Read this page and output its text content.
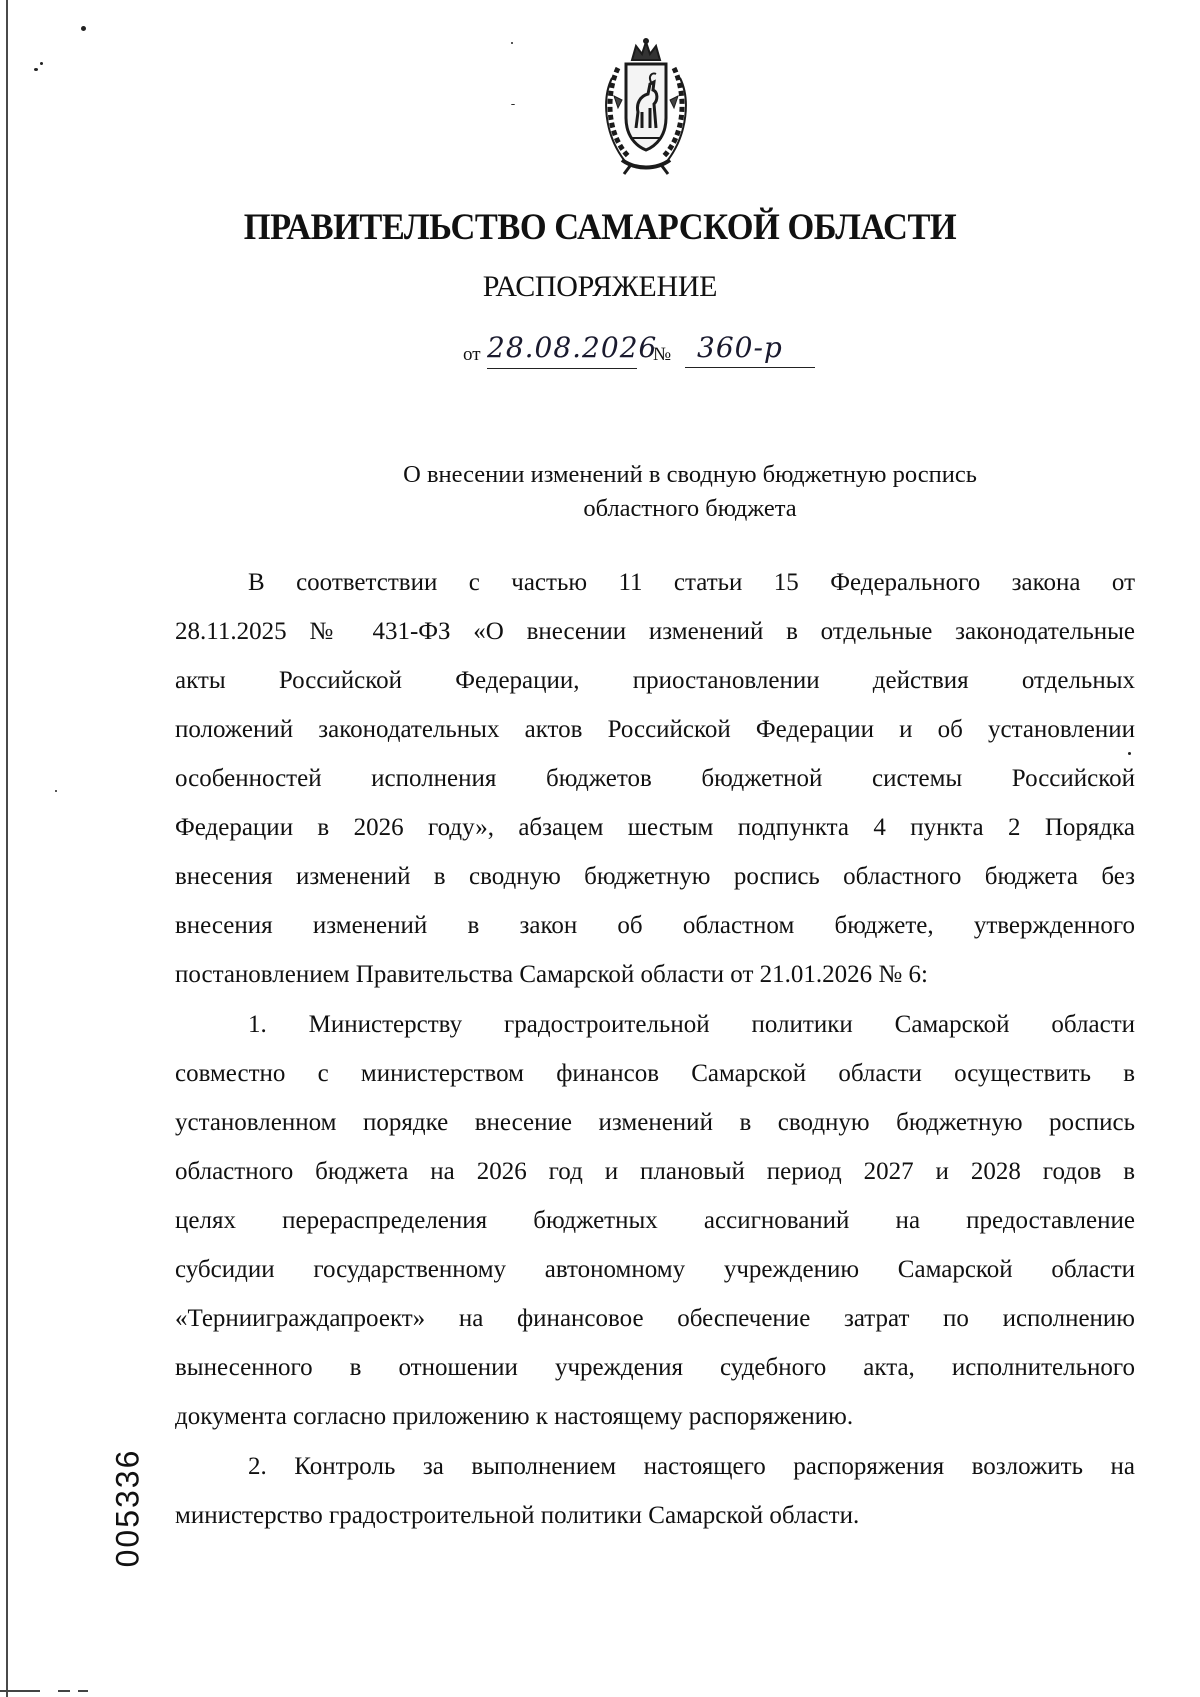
ПРАВИТЕЛЬСТВО САМАРСКОЙ ОБЛАСТИ
РАСПОРЯЖЕНИЕ
от 28.08.2026
№ 360-р
О внесении изменений в сводную бюджетную роспись
областного бюджета
В соответствии с частью 11 статьи 15 Федерального закона от
28.11.2025 № 431-ФЗ «О внесении изменений в отдельные законодательные
акты Российской Федерации, приостановлении действия отдельных
положений законодательных актов Российской Федерации и об установлении
особенностей исполнения бюджетов бюджетной системы Российской
Федерации в 2026 году», абзацем шестым подпункта 4 пункта 2 Порядка
внесения изменений в сводную бюджетную роспись областного бюджета без
внесения изменений в закон об областном бюджете, утвержденного
постановлением Правительства Самарской области от 21.01.2026 № 6:
1. Министерству градостроительной политики Самарской области
совместно с министерством финансов Самарской области осуществить в
установленном порядке внесение изменений в сводную бюджетную роспись
областного бюджета на 2026 год и плановый период 2027 и 2028 годов в
целях перераспределения бюджетных ассигнований на предоставление
субсидии государственному автономному учреждению Самарской области
«Тернииграждапроект» на финансовое обеспечение затрат по исполнению
вынесенного в отношении учреждения судебного акта, исполнительного
документа согласно приложению к настоящему распоряжению.
2. Контроль за выполнением настоящего распоряжения возложить на
министерство градостроительной политики Самарской области.
005336
